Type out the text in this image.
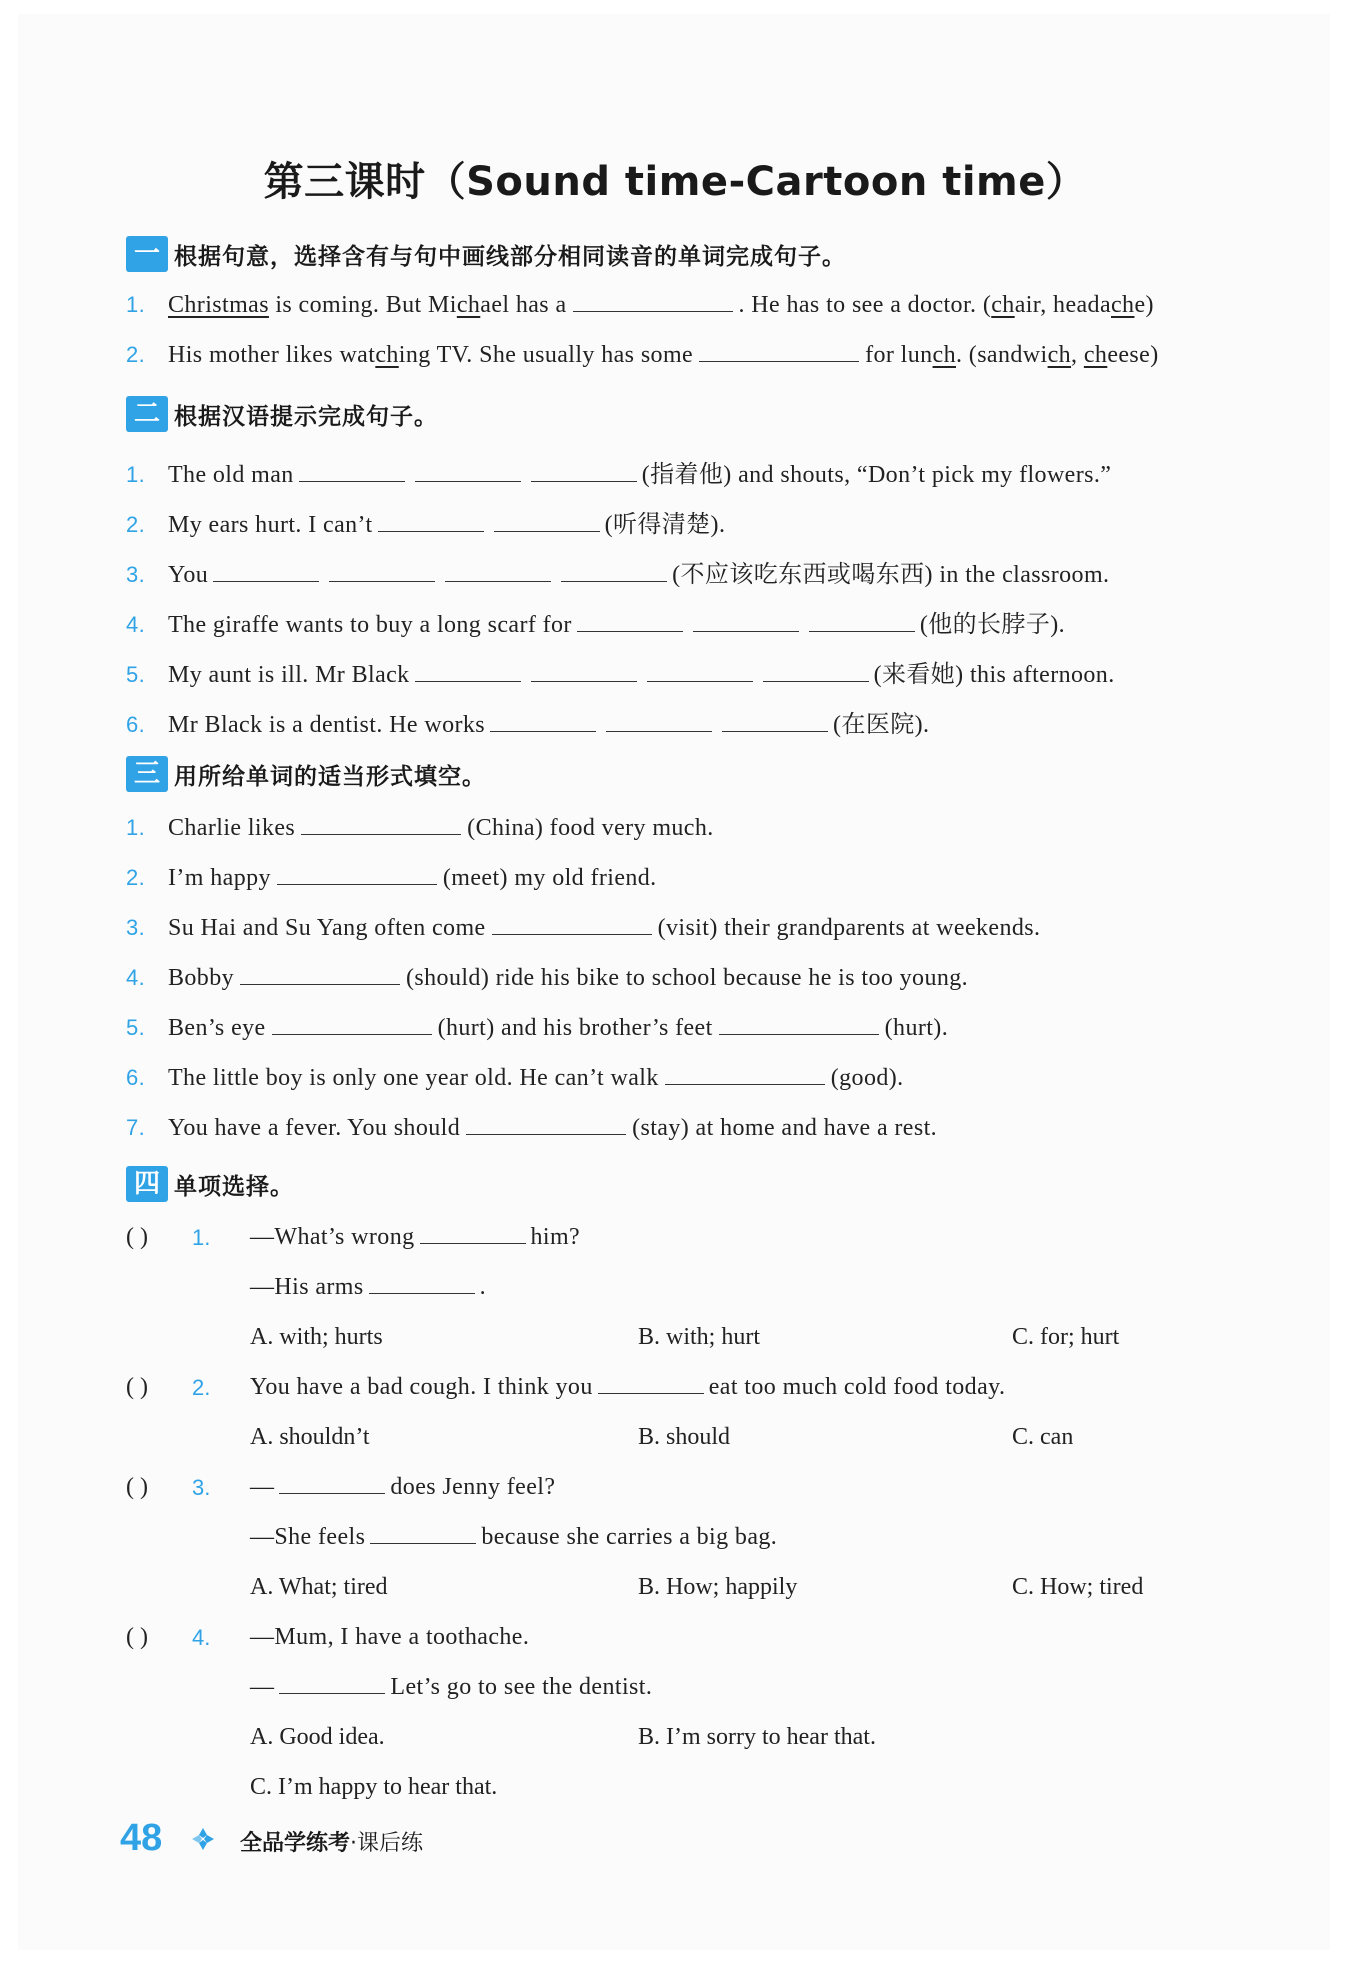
第三课时（Sound time-Cartoon time）
一 根据句意，选择含有与句中画线部分相同读音的单词完成句子。
1. Christmas is coming. But Michael has a	. He has to see a doctor. (chair, headache)
2. His mother likes watching TV. She usually has some	for lunch. (sandwich, cheese)
二 根据汉语提示完成句子。
1. The old man	(指着他) and shouts, “Don’t pick my flowers.”
2. My ears hurt. I can’t	(听得清楚).
3. You	(不应该吃东西或喝东西) in the classroom.
4. The giraffe wants to buy a long scarf for	(他的长脖子).
5. My aunt is ill. Mr Black	(来看她) this afternoon.
6. Mr Black is a dentist. He works	(在医院).
三 用所给单词的适当形式填空。
1. Charlie likes	(China) food very much.
2. I’m happy	(meet) my old friend.
3. Su Hai and Su Yang often come	(visit) their grandparents at weekends.
4. Bobby	(should) ride his bike to school because he is too young.
5. Ben’s eye	(hurt) and his brother’s feet	(hurt).
6. The little boy is only one year old. He can’t walk	(good).
7. You have a fever. You should	(stay) at home and have a rest.
四 单项选择。
( ) 1. —What’s wrong	him?
—His arms	.
A. with; hurts	B. with; hurt	C. for; hurt
( ) 2. You have a bad cough. I think you	eat too much cold food today.
A. shouldn’t	B. should	C. can
( ) 3. —	does Jenny feel?
—She feels	because she carries a big bag.
A. What; tired	B. How; happily	C. How; tired
( ) 4. —Mum, I have a toothache.
—	Let’s go to see the dentist.
A. Good idea.	B. I’m sorry to hear that.
C. I’m happy to hear that.
48	全品学练考·课后练
